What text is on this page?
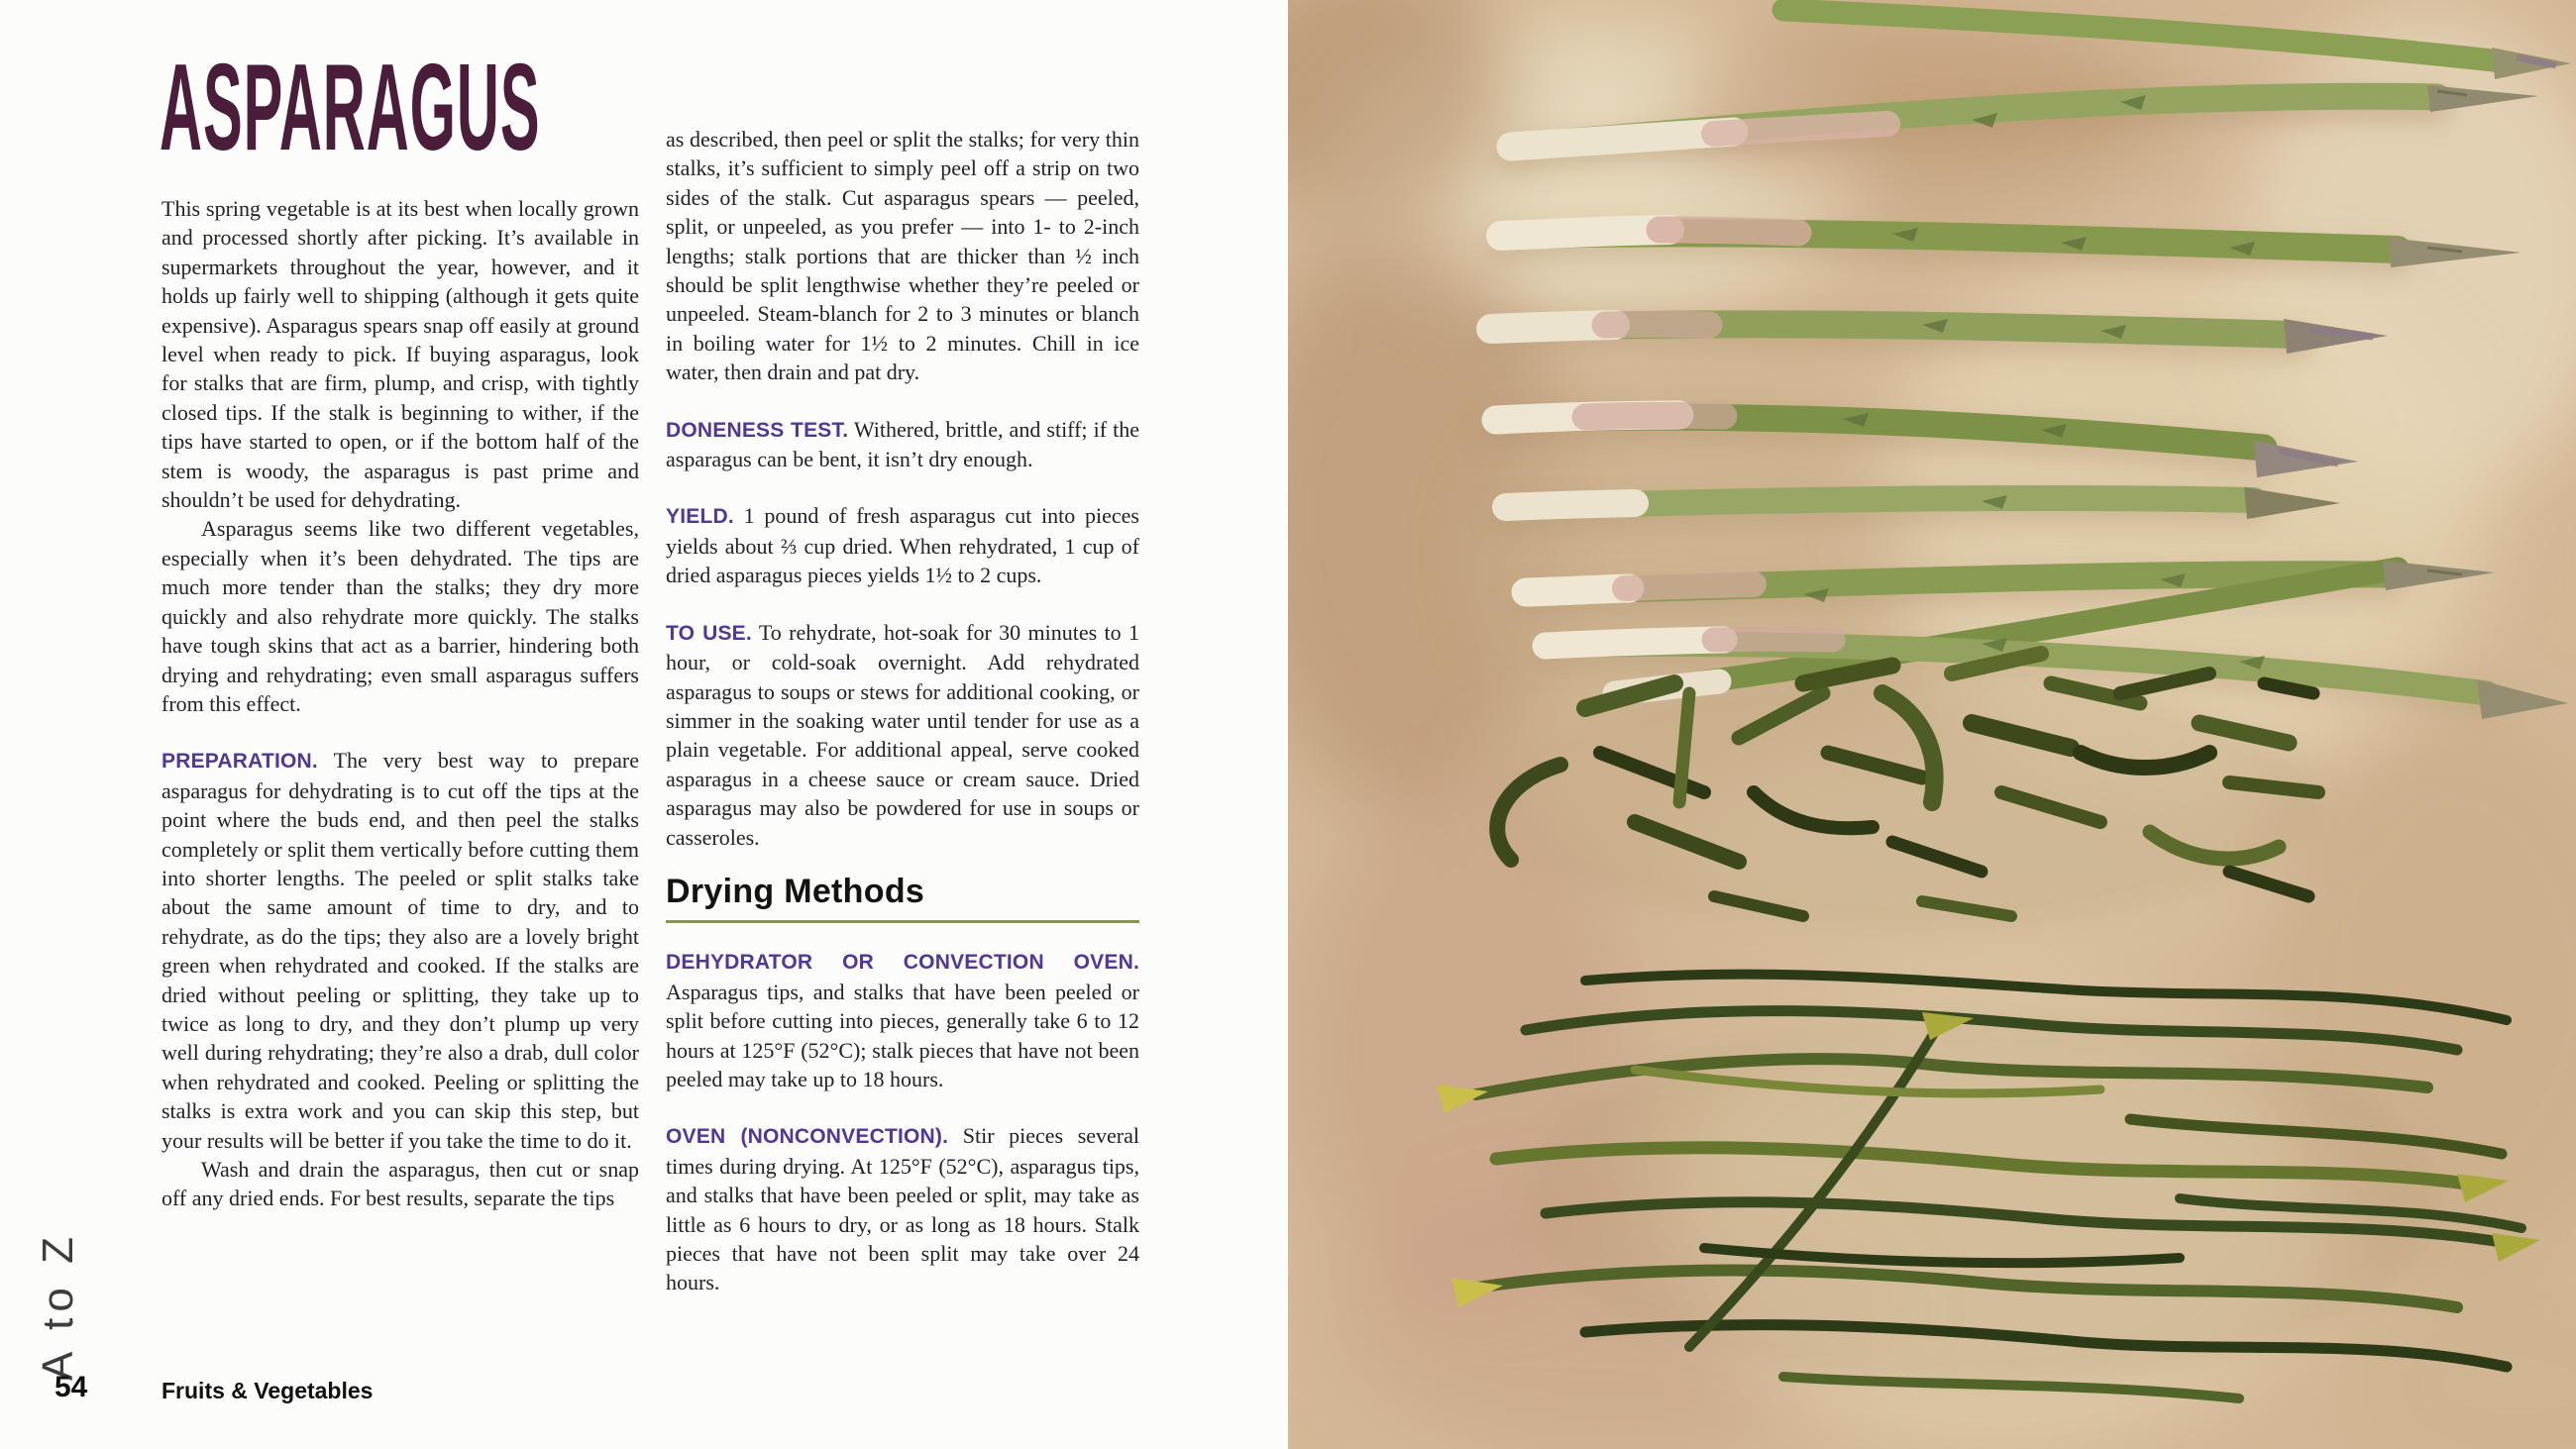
A to Z
ASPARAGUS

This spring vegetable is at its best when locally grown and processed shortly after picking. It’s available in supermarkets throughout the year, however, and it holds up fairly well to shipping (although it gets quite expensive). Asparagus spears snap off easily at ground level when ready to pick. If buying asparagus, look for stalks that are firm, plump, and crisp, with tightly closed tips. If the stalk is beginning to wither, if the tips have started to open, or if the bottom half of the stem is woody, the asparagus is past prime and shouldn’t be used for dehydrating.

Asparagus seems like two different vegetables, especially when it’s been dehydrated. The tips are much more tender than the stalks; they dry more quickly and also rehydrate more quickly. The stalks have tough skins that act as a barrier, hindering both drying and rehydrating; even small asparagus suffers from this effect.

PREPARATION. The very best way to prepare asparagus for dehydrating is to cut off the tips at the point where the buds end, and then peel the stalks completely or split them vertically before cutting them into shorter lengths. The peeled or split stalks take about the same amount of time to dry, and to rehydrate, as do the tips; they also are a lovely bright green when rehydrated and cooked. If the stalks are dried without peeling or splitting, they take up to twice as long to dry, and they don’t plump up very well during rehydrating; they’re also a drab, dull color when rehydrated and cooked. Peeling or splitting the stalks is extra work and you can skip this step, but your results will be better if you take the time to do it.

Wash and drain the asparagus, then cut or snap off any dried ends. For best results, separate the tips

as described, then peel or split the stalks; for very thin stalks, it’s sufficient to simply peel off a strip on two sides of the stalk. Cut asparagus spears — peeled, split, or unpeeled, as you prefer — into 1- to 2-inch lengths; stalk portions that are thicker than ½ inch should be split lengthwise whether they’re peeled or unpeeled. Steam-blanch for 2 to 3 minutes or blanch in boiling water for 1½ to 2 minutes. Chill in ice water, then drain and pat dry.

DONENESS TEST. Withered, brittle, and stiff; if the asparagus can be bent, it isn’t dry enough.

YIELD. 1 pound of fresh asparagus cut into pieces yields about ⅔ cup dried. When rehydrated, 1 cup of dried asparagus pieces yields 1½ to 2 cups.

TO USE. To rehydrate, hot-soak for 30 minutes to 1 hour, or cold-soak overnight. Add rehydrated asparagus to soups or stews for additional cooking, or simmer in the soaking water until tender for use as a plain vegetable. For additional appeal, serve cooked asparagus in a cheese sauce or cream sauce. Dried asparagus may also be powdered for use in soups or casseroles.

Drying Methods

DEHYDRATOR OR CONVECTION OVEN. Asparagus tips, and stalks that have been peeled or split before cutting into pieces, generally take 6 to 12 hours at 125°F (52°C); stalk pieces that have not been peeled may take up to 18 hours.

OVEN (NONCONVECTION). Stir pieces several times during drying. At 125°F (52°C), asparagus tips, and stalks that have been peeled or split, may take as little as 6 hours to dry, or as long as 18 hours. Stalk pieces that have not been split may take over 24 hours.

54	Fruits & Vegetables
